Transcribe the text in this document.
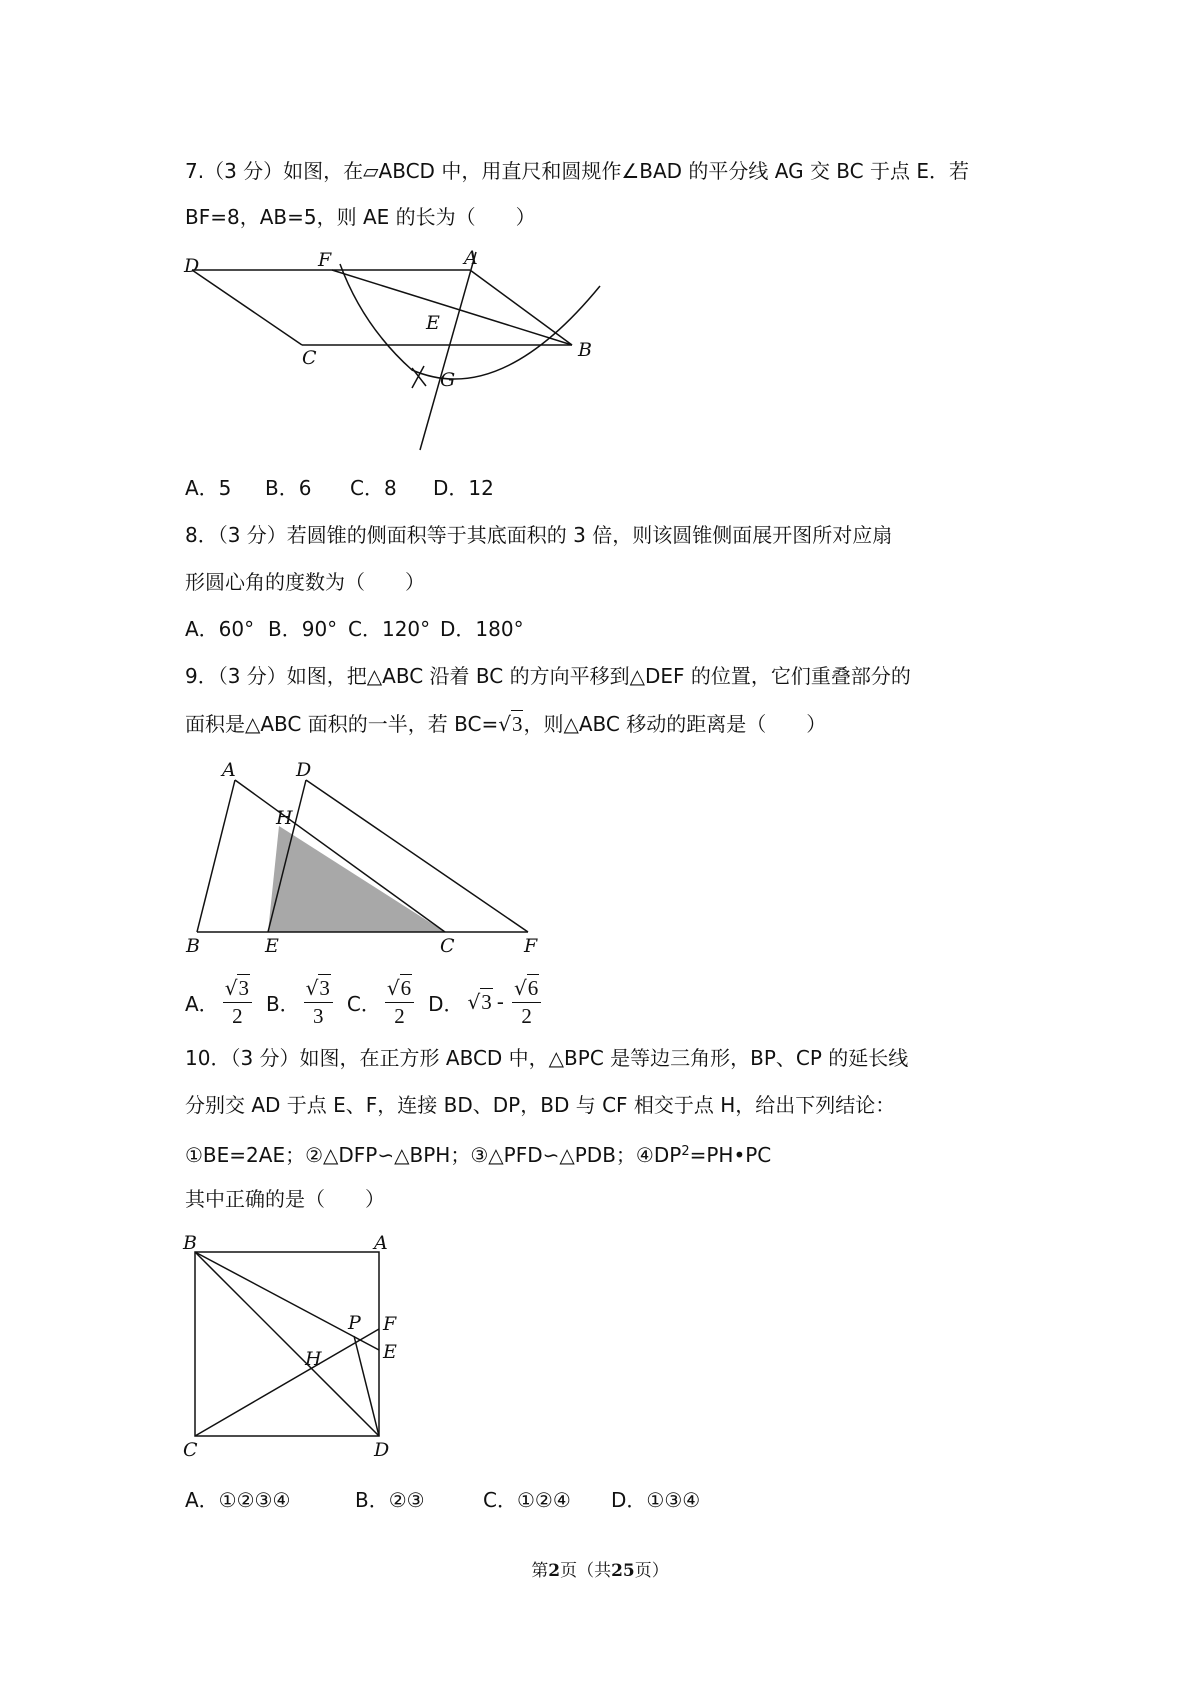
7.（3 分）如图，在▱ABCD 中，用直尺和圆规作∠BAD 的平分线 AG 交 BC 于点 E．若

BF=8，AB=5，则 AE 的长为（　　）

D	F	A
E
B
C
G

A．5 B．6 C．8 D．12

8．（3 分）若圆锥的侧面积等于其底面积的 3 倍，则该圆锥侧面展开图所对应扇

形圆心角的度数为（　　）

A．60° B．90° C．120° D．180°

9．（3 分）如图，把△ABC 沿着 BC 的方向平移到△DEF 的位置，它们重叠部分的

面积是△ABC 面积的一半，若 BC=√3，则△ABC 移动的距离是（　　）

A	D
H
B	E	C	F
A． $\frac{√3}{2}$ B． $\frac{√3}{3}$ C． $\frac{√6}{2}$ D． $√3 - \frac{√6}{2}$

10．（3 分）如图，在正方形 ABCD 中，△BPC 是等边三角形，BP、CP 的延长线

分别交 AD 于点 E、F，连接 BD、DP，BD 与 CF 相交于点 H，给出下列结论：

①BE=2AE；②△DFP∽△BPH；③△PFD∽△PDB；$④DP^2=PH•PC$

其中正确的是（　　）

B	A
P F
H	E
C	D

A．①②③④	B．②③	C．①②④ D．①③④

第2页（共25页）
